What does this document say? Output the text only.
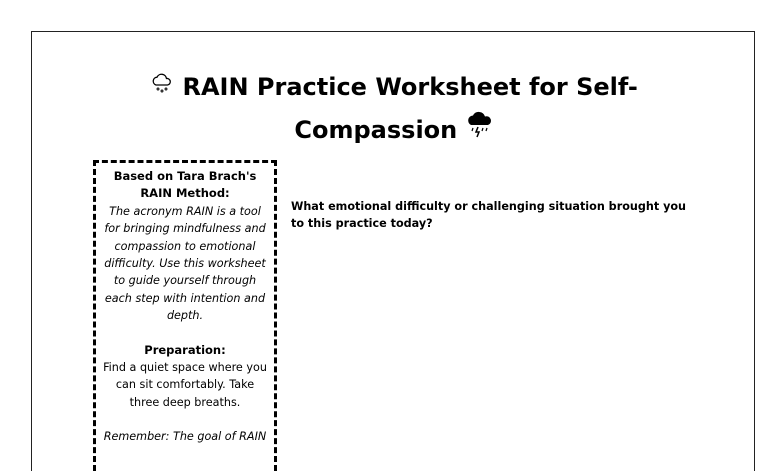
RAIN Practice Worksheet for Self-
Compassion
Based on Tara Brach's RAIN Method:
The acronym RAIN is a tool for bringing mindfulness and compassion to emotional difficulty. Use this worksheet to guide yourself through each step with intention and depth.
Preparation:
Find a quiet space where you can sit comfortably. Take three deep breaths.
Remember: The goal of RAIN
What emotional difficulty or challenging situation brought you to this practice today?
